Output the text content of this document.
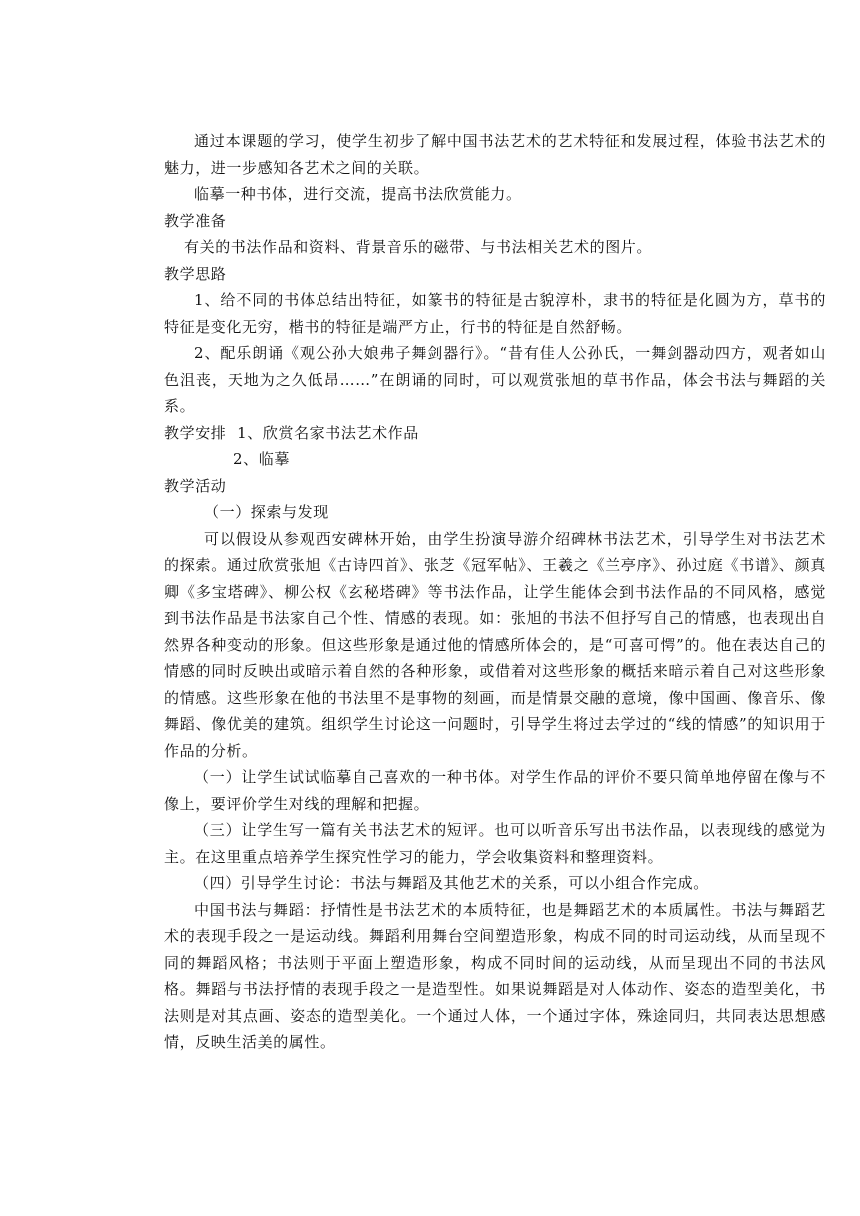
通过本课题的学习，使学生初步了解中国书法艺术的艺术特征和发展过程，体验书法艺术的魅力，进一步感知各艺术之间的关联。

临摹一种书体，进行交流，提高书法欣赏能力。

教学准备

有关的书法作品和资料、背景音乐的磁带、与书法相关艺术的图片。

教学思路

1、给不同的书体总结出特征，如篆书的特征是古貌淳朴，隶书的特征是化圆为方，草书的特征是变化无穷，楷书的特征是端严方止，行书的特征是自然舒畅。

2、配乐朗诵《观公孙大娘弗子舞剑器行》。“昔有佳人公孙氏，一舞剑器动四方，观者如山色沮丧，天地为之久低昂……”在朗诵的同时，可以观赏张旭的草书作品，体会书法与舞蹈的关系。

教学安排  1、欣赏名家书法艺术作品

2、临摹

教学活动

（一）探索与发现

可以假设从参观西安碑林开始，由学生扮演导游介绍碑林书法艺术，引导学生对书法艺术的探索。通过欣赏张旭《古诗四首》、张芝《冠军帖》、王羲之《兰亭序》、孙过庭《书谱》、颜真卿《多宝塔碑》、柳公权《玄秘塔碑》等书法作品，让学生能体会到书法作品的不同风格，感觉到书法作品是书法家自己个性、情感的表现。如：张旭的书法不但抒写自己的情感，也表现出自然界各种变动的形象。但这些形象是通过他的情感所体会的，是“可喜可愕”的。他在表达自己的情感的同时反映出或暗示着自然的各种形象，或借着对这些形象的概括来暗示着自己对这些形象的情感。这些形象在他的书法里不是事物的刻画，而是情景交融的意境，像中国画、像音乐、像舞蹈、像优美的建筑。组织学生讨论这一问题时，引导学生将过去学过的“线的情感”的知识用于作品的分析。

（一）让学生试试临摹自己喜欢的一种书体。对学生作品的评价不要只简单地停留在像与不像上，要评价学生对线的理解和把握。

（三）让学生写一篇有关书法艺术的短评。也可以听音乐写出书法作品，以表现线的感觉为主。在这里重点培养学生探究性学习的能力，学会收集资料和整理资料。

（四）引导学生讨论：书法与舞蹈及其他艺术的关系，可以小组合作完成。

中国书法与舞蹈：抒情性是书法艺术的本质特征，也是舞蹈艺术的本质属性。书法与舞蹈艺术的表现手段之一是运动线。舞蹈利用舞台空间塑造形象，构成不同的时司运动线，从而呈现不同的舞蹈风格；书法则于平面上塑造形象，构成不同时间的运动线，从而呈现出不同的书法风格。舞蹈与书法抒情的表现手段之一是造型性。如果说舞蹈是对人体动作、姿态的造型美化，书法则是对其点画、姿态的造型美化。一个通过人体，一个通过字体，殊途同归，共同表达思想感情，反映生活美的属性。
